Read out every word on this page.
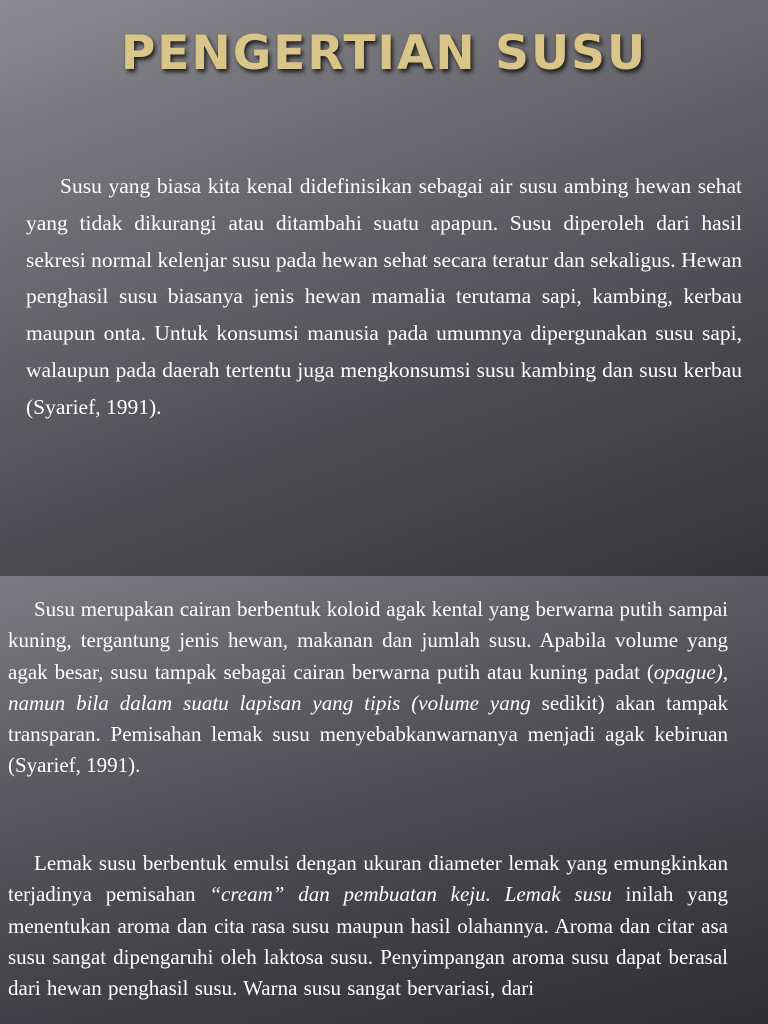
PENGERTIAN SUSU

Susu yang biasa kita kenal didefinisikan sebagai air susu ambing hewan sehat yang tidak dikurangi atau ditambahi suatu apapun. Susu diperoleh dari hasil sekresi normal kelenjar susu pada hewan sehat secara teratur dan sekaligus. Hewan penghasil susu biasanya jenis hewan mamalia terutama sapi, kambing, kerbau maupun onta. Untuk konsumsi manusia pada umumnya dipergunakan susu sapi, walaupun pada daerah tertentu juga mengkonsumsi susu kambing dan susu kerbau (Syarief, 1991).

Susu merupakan cairan berbentuk koloid agak kental yang berwarna putih sampai kuning, tergantung jenis hewan, makanan dan jumlah susu. Apabila volume yang agak besar, susu tampak sebagai cairan berwarna putih atau kuning padat (opague), namun bila dalam suatu lapisan yang tipis (volume yang sedikit) akan tampak transparan. Pemisahan lemak susu menyebabkanwarnanya menjadi agak kebiruan (Syarief, 1991).

Lemak susu berbentuk emulsi dengan ukuran diameter lemak yang emungkinkan terjadinya pemisahan “cream” dan pembuatan keju. Lemak susu inilah yang menentukan aroma dan cita rasa susu maupun hasil olahannya. Aroma dan citar asa susu sangat dipengaruhi oleh laktosa susu. Penyimpangan aroma susu dapat berasal dari hewan penghasil susu. Warna susu sangat bervariasi, dari
